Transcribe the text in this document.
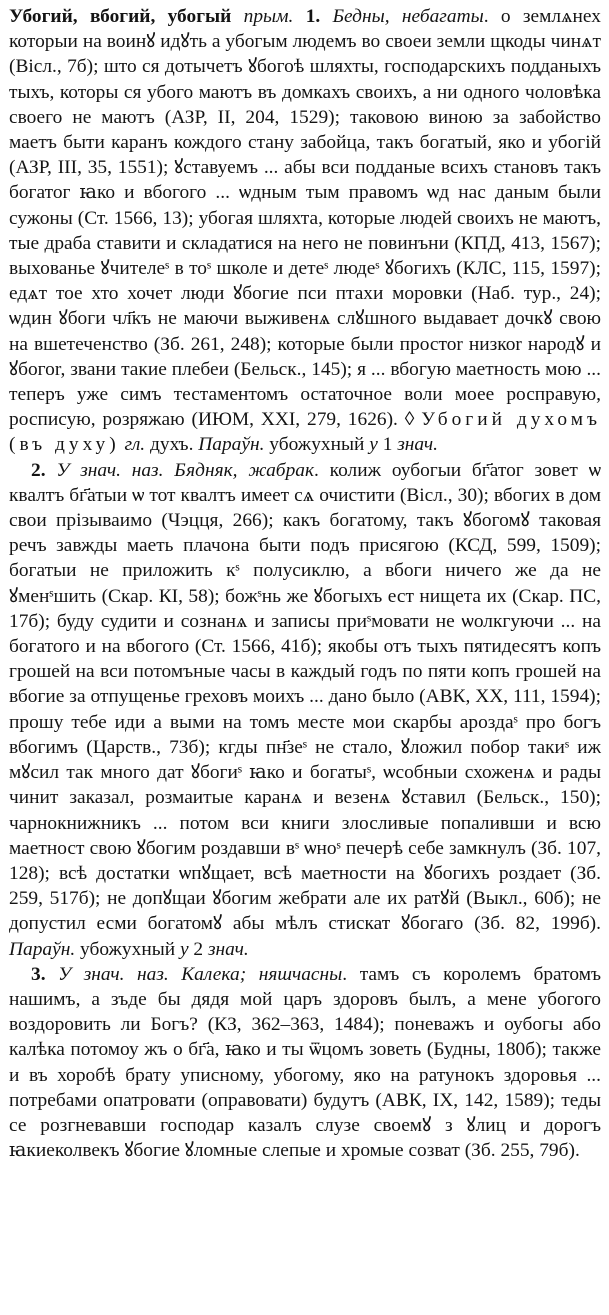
Убогий, вбогий, убогый прым. 1. Бедны, небагаты. о землѧнех которыи на воинꙋ идꙋть а убогым людемъ во своеи земли щкоды чинѧт (Вісл., 7б); што ся дотычетъ ꙋбогоѣ шляхты, господарскихъ подданыхъ тыхъ, которы ся убого маютъ въ домкахъ своихъ, а ни одного чоловѣка своего не маютъ (АЗР, II, 204, 1529); таковою виною за забойство маетъ быти каранъ кождого стану забойца, такъ богатый, яко и убогій (АЗР, III, 35, 1551); ꙋставуемъ ... абы вси подданые всихъ становъ такъ богатог ꙗко и вбогого ... ѡдным тым правомъ ѡд нас даным были сужоны (Ст. 1566, 13); убогая шляхта, которые людей своихъ не маютъ, тые драба ставити и складатися на него не повинъни (КПД, 413, 1567); выхованье ꙋчителеˢ в тоˢ школе и детеˢ людеˢ ꙋбогихъ (КЛС, 115, 1597); едѧт тое хто хочет люди ꙋбогие пси птахи моровки (Наб. тур., 24); ѡдин ꙋбоги чл҃къ не маючи выживенѧ слꙋшного выдавает дочкꙋ свою на вшетеченство (Зб. 261, 248); которые были простоr низкоr народꙋ и ꙋбогоr, звани такие плебеи (Бельск., 145); я ... вбогую маетность мою ... теперъ уже симъ тестаментомъ остаточное воли моее росправую, росписую, розряжаю (ИЮМ, XXI, 279, 1626). ◊ Убогий духомъ (въ духу) гл. духъ. Параўн. убожухный у 1 знач.

2. У знач. наз. Бядняк, жабрак. колиж оубогыи бг҃атог зовет ѡ квалтъ бг҃атыи ѡ тот квалтъ имеет сѧ очистити (Вісл., 30); вбогих в дом свои прізываимо (Чэцця, 266); какъ богатому, такъ ꙋбогомꙋ таковая речъ завжды маеть плачона быти подъ присягою (КСД, 599, 1509); богатыи не приложить кˢ полусиклю, а вбоги ничего же да не ꙋменˢшить (Скар. КІ, 58); божˢнь же ꙋбогыхъ ест нищета их (Скар. ПС, 17б); буду судити и сознанѧ и записы приˢмовати не ѡолкгуючи ... на богатого и на вбогого (Ст. 1566, 41б); якобы отъ тыхъ пятидесятъ копъ грошей на вси потомъные часы в каждый годъ по пяти копъ грошей на вбогие за отпущенье греховъ моихъ ... дано было (АВК, XX, 111, 1594); прошу тебе иди а выми на томъ месте мои скарбы ароздаˢ про богъ вбогимъ (Царств., 73б); кгды пн҃зеˢ не стало, ꙋложил побор такиˢ иж мꙋсил так много дат ꙋбогиˢ ꙗко и богатыˢ, ѡсобныи схоженѧ и рады чинит заказал, розмаитые каранѧ и везенѧ ꙋставил (Бельск., 150); чарнокнижникъ ... потом вси книги злосливые попаливши и всю маетност свою ꙋбогим роздавши вˢ ѡноˢ печерѣ себе замкнулъ (Зб. 107, 128); всѣ достатки ѡпꙋщает, всѣ маетности на ꙋбогихъ роздает (Зб. 259, 517б); не допꙋщаи ꙋбогим жебрати але их ратꙋй (Выкл., 60б); не допустил есми богатомꙋ абы мѣлъ стискат ꙋбогаго (Зб. 82, 199б). Параўн. убожухный у 2 знач.

3. У знач. наз. Калека; няшчасны. тамъ съ королемъ братомъ нашимъ, а зъде бы дядя мой царъ здоровъ былъ, а мене убогого воздоровить ли Богъ? (КЗ, 362–363, 1484); поневажъ и оубогы або калѣка потомоу жъ о бг҃а, ꙗко и ты ѿцомъ зоветь (Будны, 180б); также и въ хоробѣ брату уписному, убогому, яко на ратунокъ здоровья ... потребами опатровати (оправовати) будутъ (АВК, IX, 142, 1589); теды се розгневавши господар казалъ слузе своемꙋ з ꙋлиц и дорогъ ꙗкиеколвекъ ꙋбогие ꙋломные слепые и хромые созват (Зб. 255, 79б).
